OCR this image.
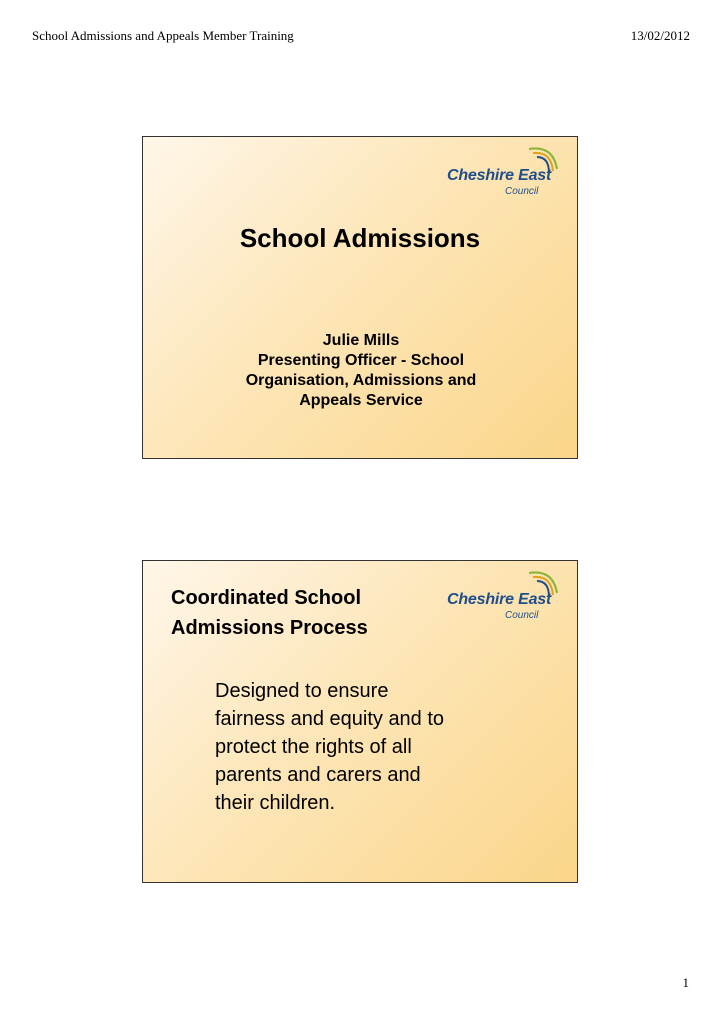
School Admissions and Appeals Member Training	13/02/2012
Cheshire East
Council
School Admissions
Julie Mills
Presenting Officer - School
Organisation, Admissions and
Appeals Service
Cheshire East
Council
Coordinated School
Admissions Process
Designed to ensure
fairness and equity and to
protect the rights of all
parents and carers and
their children.
1
